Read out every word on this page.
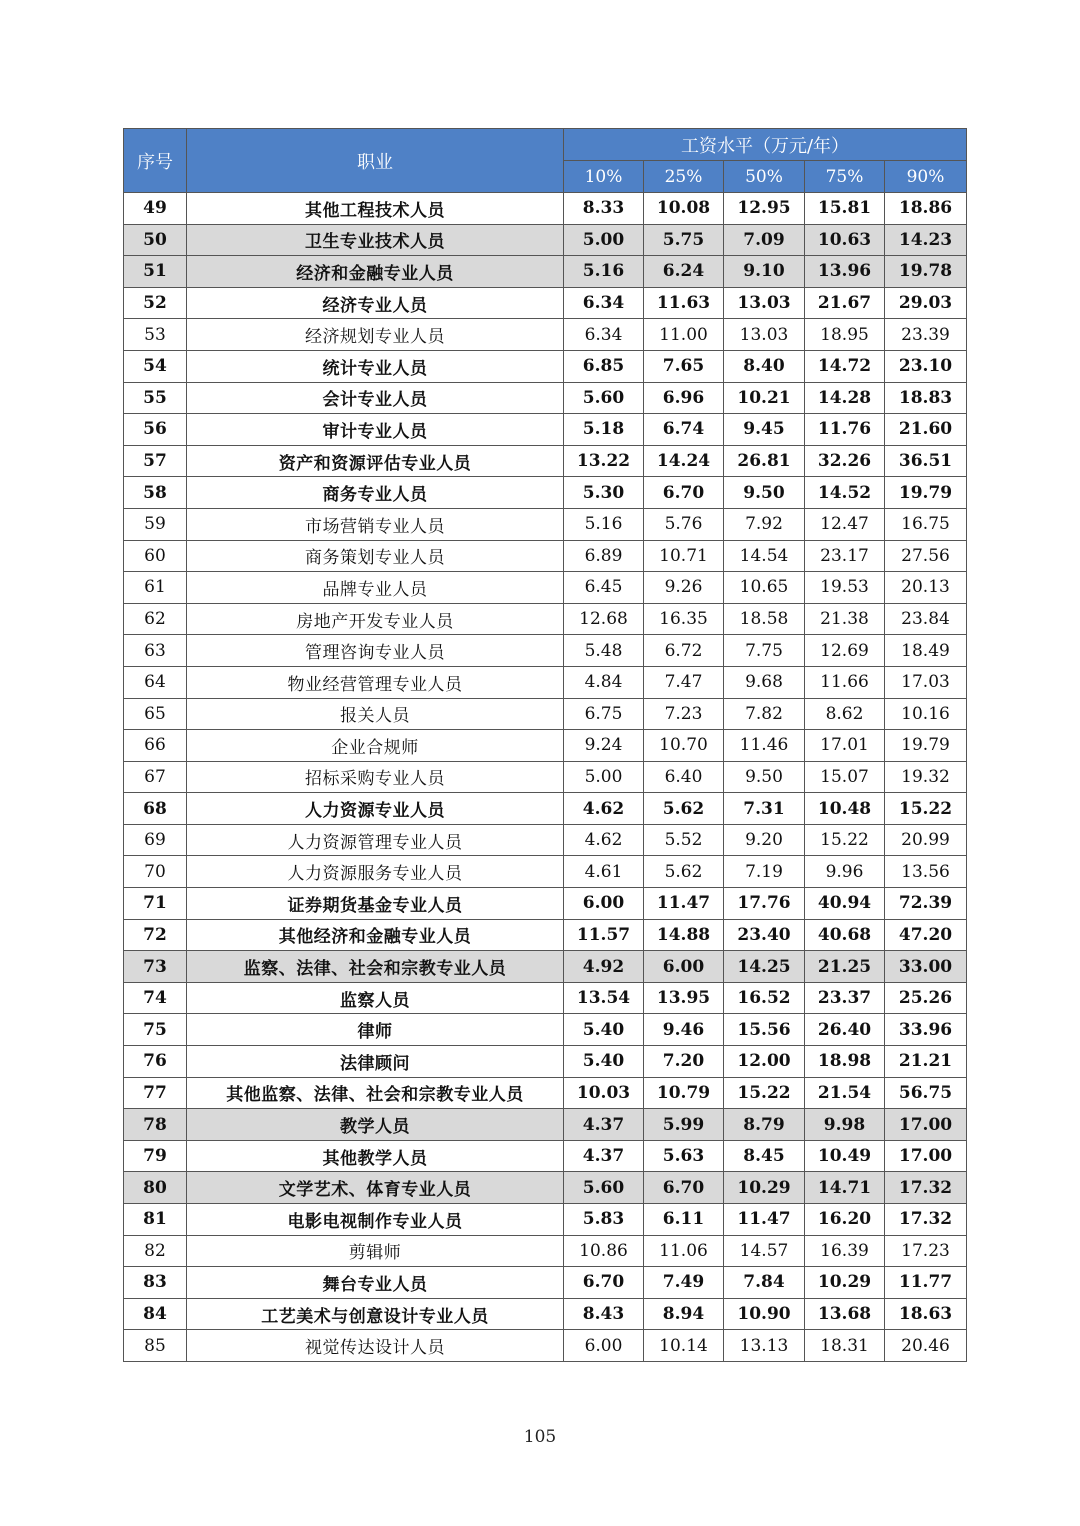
序号	职业	工资水平（万元/年）				
		10%	25%	50%	75%	90%
49	其他工程技术人员	8.33	10.08	12.95	15.81	18.86
50	卫生专业技术人员	5.00	5.75	7.09	10.63	14.23
51	经济和金融专业人员	5.16	6.24	9.10	13.96	19.78
52	经济专业人员	6.34	11.63	13.03	21.67	29.03
53	经济规划专业人员	6.34	11.00	13.03	18.95	23.39
54	统计专业人员	6.85	7.65	8.40	14.72	23.10
55	会计专业人员	5.60	6.96	10.21	14.28	18.83
56	审计专业人员	5.18	6.74	9.45	11.76	21.60
57	资产和资源评估专业人员	13.22	14.24	26.81	32.26	36.51
58	商务专业人员	5.30	6.70	9.50	14.52	19.79
59	市场营销专业人员	5.16	5.76	7.92	12.47	16.75
60	商务策划专业人员	6.89	10.71	14.54	23.17	27.56
61	品牌专业人员	6.45	9.26	10.65	19.53	20.13
62	房地产开发专业人员	12.68	16.35	18.58	21.38	23.84
63	管理咨询专业人员	5.48	6.72	7.75	12.69	18.49
64	物业经营管理专业人员	4.84	7.47	9.68	11.66	17.03
65	报关人员	6.75	7.23	7.82	8.62	10.16
66	企业合规师	9.24	10.70	11.46	17.01	19.79
67	招标采购专业人员	5.00	6.40	9.50	15.07	19.32
68	人力资源专业人员	4.62	5.62	7.31	10.48	15.22
69	人力资源管理专业人员	4.62	5.52	9.20	15.22	20.99
70	人力资源服务专业人员	4.61	5.62	7.19	9.96	13.56
71	证券期货基金专业人员	6.00	11.47	17.76	40.94	72.39
72	其他经济和金融专业人员	11.57	14.88	23.40	40.68	47.20
73	监察、法律、社会和宗教专业人员	4.92	6.00	14.25	21.25	33.00
74	监察人员	13.54	13.95	16.52	23.37	25.26
75	律师	5.40	9.46	15.56	26.40	33.96
76	法律顾问	5.40	7.20	12.00	18.98	21.21
77	其他监察、法律、社会和宗教专业人员	10.03	10.79	15.22	21.54	56.75
78	教学人员	4.37	5.99	8.79	9.98	17.00
79	其他教学人员	4.37	5.63	8.45	10.49	17.00
80	文学艺术、体育专业人员	5.60	6.70	10.29	14.71	17.32
81	电影电视制作专业人员	5.83	6.11	11.47	16.20	17.32
82	剪辑师	10.86	11.06	14.57	16.39	17.23
83	舞台专业人员	6.70	7.49	7.84	10.29	11.77
84	工艺美术与创意设计专业人员	8.43	8.94	10.90	13.68	18.63
85	视觉传达设计人员	6.00	10.14	13.13	18.31	20.46
105
